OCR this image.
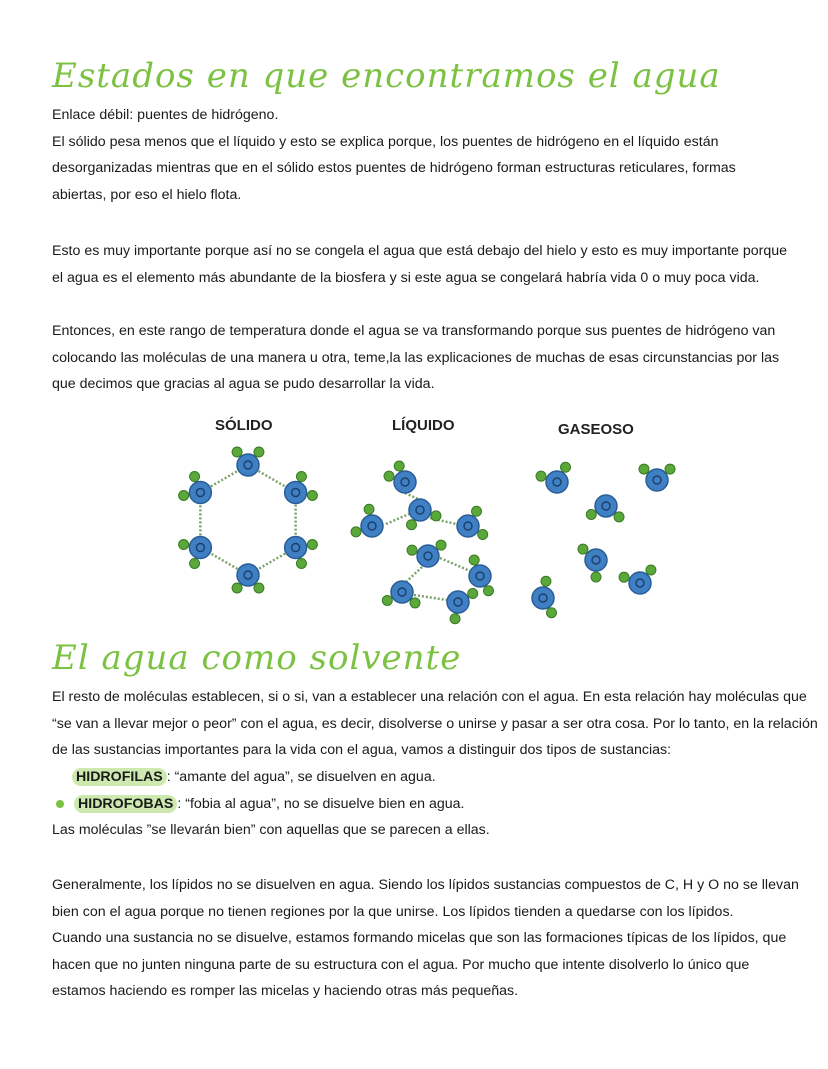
Estados en que encontramos el agua

Enlace débil: puentes de hidrógeno.
El sólido pesa menos que el líquido y esto se explica porque, los puentes de hidrógeno en el líquido están
desorganizadas mientras que en el sólido estos puentes de hidrógeno forman estructuras reticulares, formas
abiertas, por eso el hielo flota.

Esto es muy importante porque así no se congela el agua que está debajo del hielo y esto es muy importante porque
el agua es el elemento más abundante de la biosfera y si este agua se congelará habría vida 0 o muy poca vida.

Entonces, en este rango de temperatura donde el agua se va transformando porque sus puentes de hidrógeno van
colocando las moléculas de una manera u otra, teme,la las explicaciones de muchas de esas circunstancias por las
que decimos que gracias al agua se pudo desarrollar la vida.

SÓLIDO	LÍQUIDO	GASEOSO
El agua como solvente

El resto de moléculas establecen, si o si, van a establecer una relación con el agua. En esta relación hay moléculas que
“se van a llevar mejor o peor” con el agua, es decir, disolverse o unirse y pasar a ser otra cosa. Por lo tanto, en la relación
de las sustancias importantes para la vida con el agua, vamos a distinguir dos tipos de sustancias:

HIDROFILAS : “amante del agua”, se disuelven en agua.
HIDROFOBAS : “fobia al agua”, no se disuelve bien en agua.
Las moléculas ”se llevarán bien” con aquellas que se parecen a ellas.

Generalmente, los lípidos no se disuelven en agua. Siendo los lípidos sustancias compuestos de C, H y O no se llevan
bien con el agua porque no tienen regiones por la que unirse. Los lípidos tienden a quedarse con los lípidos.
Cuando una sustancia no se disuelve, estamos formando micelas que son las formaciones típicas de los lípidos, que
hacen que no junten ninguna parte de su estructura con el agua. Por mucho que intente disolverlo lo único que
estamos haciendo es romper las micelas y haciendo otras más pequeñas.
